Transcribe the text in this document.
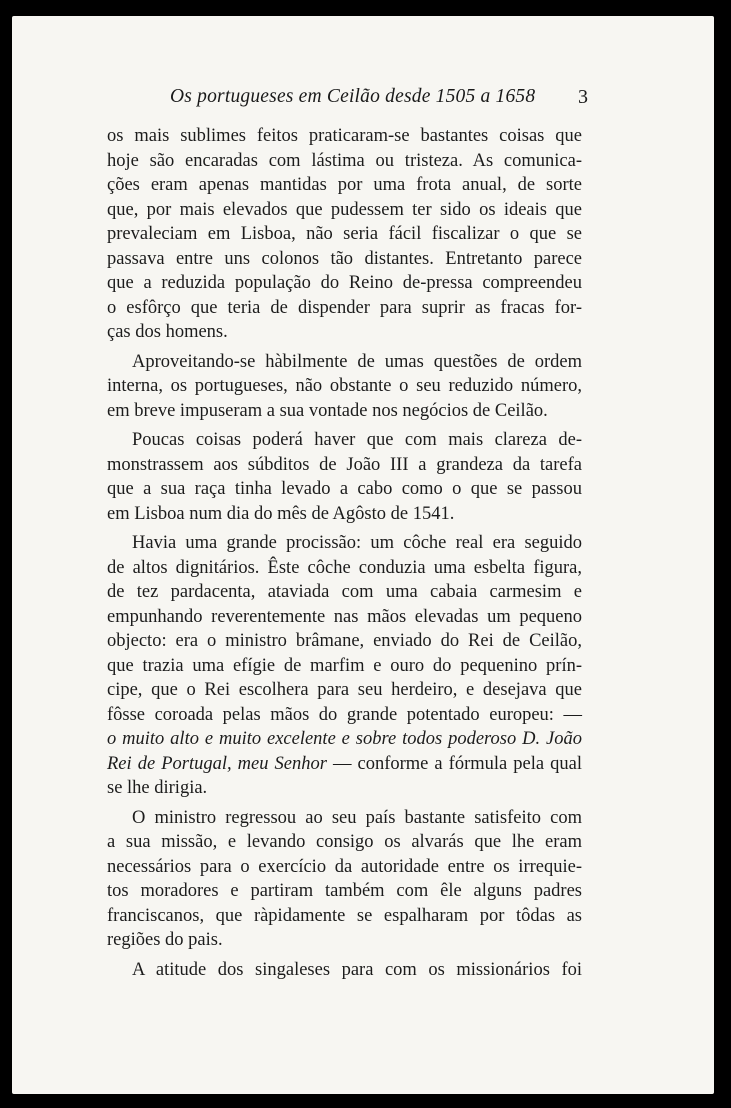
Os portugueses em Ceilão desde 1505 a 1658 3
os mais sublimes feitos praticaram-se bastantes coisas que
hoje são encaradas com lástima ou tristeza. As comunica-
ções eram apenas mantidas por uma frota anual, de sorte
que, por mais elevados que pudessem ter sido os ideais que
prevaleciam em Lisboa, não seria fácil fiscalizar o que se
passava entre uns colonos tão distantes. Entretanto parece
que a reduzida população do Reino de-pressa compreendeu
o esfôrço que teria de dispender para suprir as fracas for-
ças dos homens.
Aproveitando-se hàbilmente de umas questões de ordem
interna, os portugueses, não obstante o seu reduzido número,
em breve impuseram a sua vontade nos negócios de Ceilão.
Poucas coisas poderá haver que com mais clareza de-
monstrassem aos súbditos de João III a grandeza da tarefa
que a sua raça tinha levado a cabo como o que se passou
em Lisboa num dia do mês de Agôsto de 1541.
Havia uma grande procissão: um côche real era seguido
de altos dignitários. Êste côche conduzia uma esbelta figura,
de tez pardacenta, ataviada com uma cabaia carmesim e
empunhando reverentemente nas mãos elevadas um pequeno
objecto: era o ministro brâmane, enviado do Rei de Ceilão,
que trazia uma efígie de marfim e ouro do pequenino prín-
cipe, que o Rei escolhera para seu herdeiro, e desejava que
fôsse coroada pelas mãos do grande potentado europeu: —
o muito alto e muito excelente e sobre todos poderoso D. João
Rei de Portugal, meu Senhor — conforme a fórmula pela qual
se lhe dirigia.
O ministro regressou ao seu país bastante satisfeito com
a sua missão, e levando consigo os alvarás que lhe eram
necessários para o exercício da autoridade entre os irrequie-
tos moradores e partiram também com êle alguns padres
franciscanos, que ràpidamente se espalharam por tôdas as
regiões do pais.
A atitude dos singaleses para com os missionários foi
